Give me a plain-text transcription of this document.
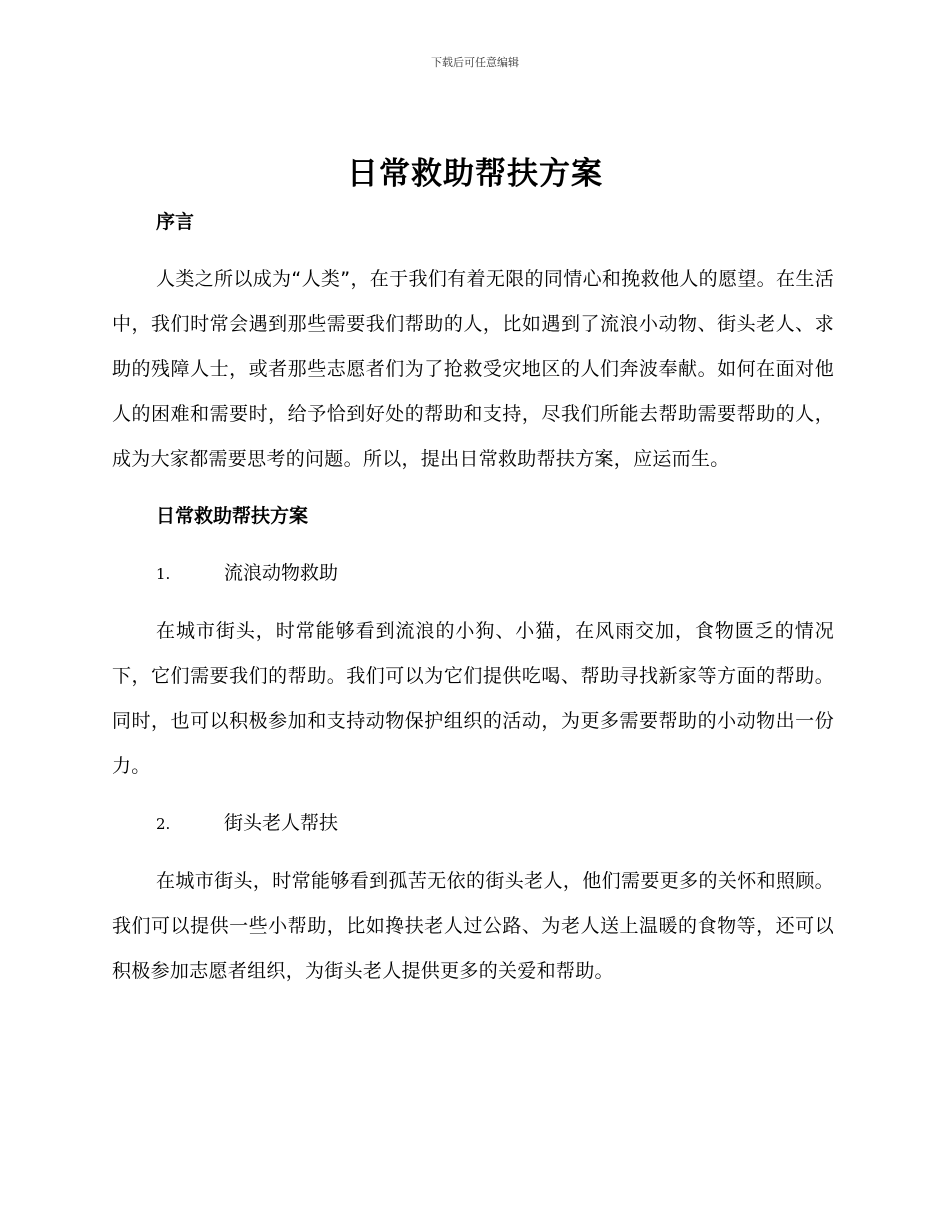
下载后可任意编辑
日常救助帮扶方案
序言

人类之所以成为“人类”，在于我们有着无限的同情心和挽救他人的愿望。在生活中，我们时常会遇到那些需要我们帮助的人，比如遇到了流浪小动物、街头老人、求助的残障人士，或者那些志愿者们为了抢救受灾地区的人们奔波奉献。如何在面对他人的困难和需要时，给予恰到好处的帮助和支持，尽我们所能去帮助需要帮助的人，成为大家都需要思考的问题。所以，提出日常救助帮扶方案，应运而生。

日常救助帮扶方案
1.	流浪动物救助

在城市街头，时常能够看到流浪的小狗、小猫，在风雨交加，食物匮乏的情况下，它们需要我们的帮助。我们可以为它们提供吃喝、帮助寻找新家等方面的帮助。同时，也可以积极参加和支持动物保护组织的活动，为更多需要帮助的小动物出一份力。

2.	街头老人帮扶

在城市街头，时常能够看到孤苦无依的街头老人，他们需要更多的关怀和照顾。我们可以提供一些小帮助，比如搀扶老人过公路、为老人送上温暖的食物等，还可以积极参加志愿者组织，为街头老人提供更多的关爱和帮助。
